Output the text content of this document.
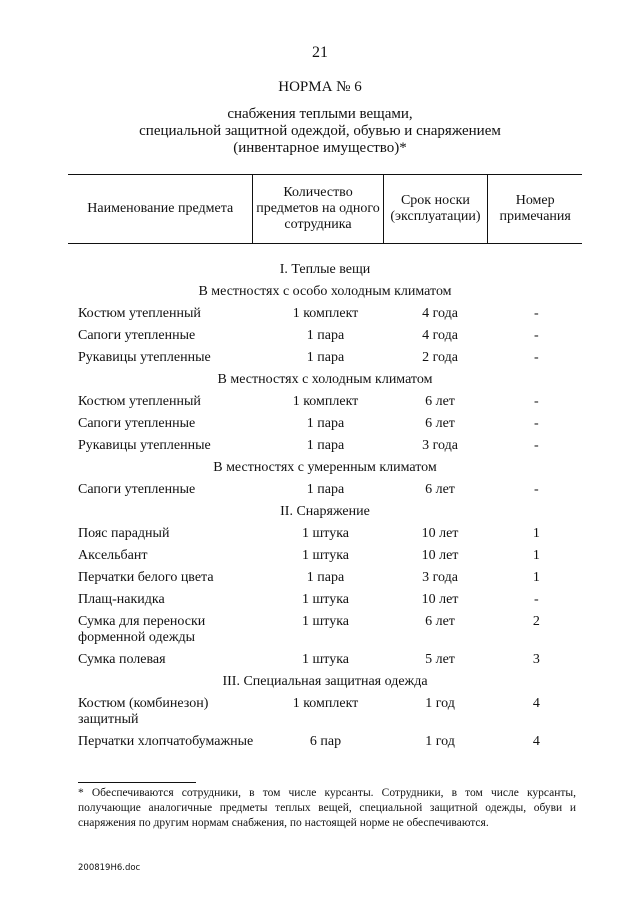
21
НОРМА № 6
снабжения теплыми вещами,
специальной защитной одеждой, обувью и снаряжением
(инвентарное имущество)*
Наименование предмета	Количество предметов на одного сотрудника	Срок носки (эксплуатации)	Номер примечания
I. Теплые вещи			
В местностях с особо холодным климатом			
Костюм утепленный	1 комплект	4 года	-
Сапоги утепленные	1 пара	4 года	-
Рукавицы утепленные	1 пара	2 года	-
В местностях с холодным климатом			
Костюм утепленный	1 комплект	6 лет	-
Сапоги утепленные	1 пара	6 лет	-
Рукавицы утепленные	1 пара	3 года	-
В местностях с умеренным климатом			
Сапоги утепленные	1 пара	6 лет	-
II. Снаряжение			
Пояс парадный	1 штука	10 лет	1
Аксельбант	1 штука	10 лет	1
Перчатки белого цвета	1 пара	3 года	1
Плащ-накидка	1 штука	10 лет	-
Сумка для переноски форменной одежды	1 штука	6 лет	2
Сумка полевая	1 штука	5 лет	3
III. Специальная защитная одежда			
Костюм (комбинезон) защитный	1 комплект	1 год	4
Перчатки хлопчатобумажные	6 пар	1 год	4
* Обеспечиваются сотрудники, в том числе курсанты. Сотрудники, в том числе курсанты, получающие аналогичные предметы теплых вещей, специальной защитной одежды, обуви и снаряжения по другим нормам снабжения, по настоящей норме не обеспечиваются.
200819Н6.doc
